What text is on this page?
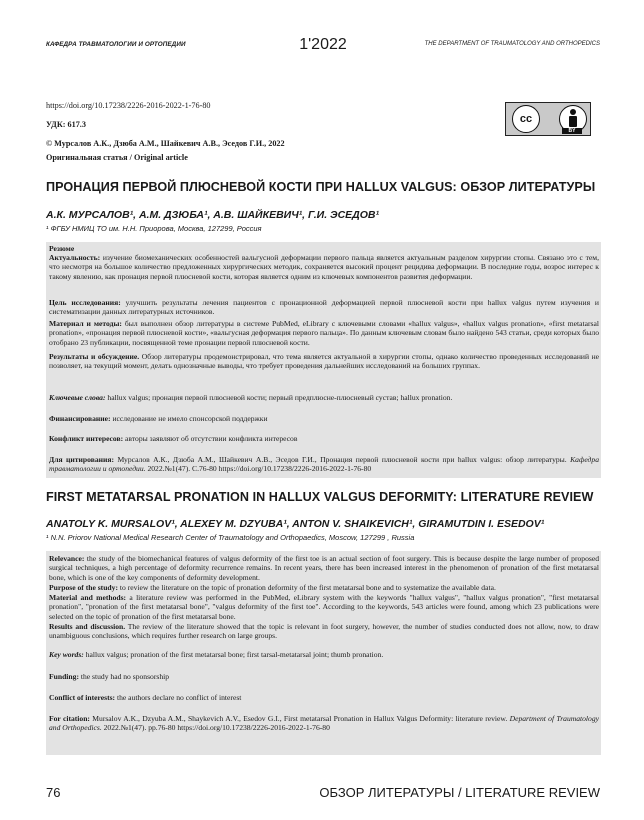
КАФЕДРА ТРАВМАТОЛОГИИ И ОРТОПЕДИИ	1'2022	THE DEPARTMENT OF TRAUMATOLOGY AND ORTHOPEDICS
https://doi.org/10.17238/2226-2016-2022-1-76-80
УДК: 617.3
© Мурсалов А.К., Дзюба А.М., Шайкевич А.В., Эседов Г.И., 2022
Оригинальная статья / Original article
cc
BY
ПРОНАЦИЯ ПЕРВОЙ ПЛЮСНЕВОЙ КОСТИ ПРИ HALLUX VALGUS: ОБЗОР ЛИТЕРАТУРЫ
А.К. МУРСАЛОВ¹, А.М. ДЗЮБА¹, А.В. ШАЙКЕВИЧ¹, Г.И. ЭСЕДОВ¹
¹ ФГБУ НМИЦ ТО им. Н.Н. Приорова, Москва, 127299, Россия
Резюме
Актуальность: изучение биомеханических особенностей вальгусной деформации первого пальца является актуальным разделом хирургии стопы. Связано это с тем, что несмотря на большое количество предложенных хирургических методик, сохраняется высокий процент рецидива деформации. В последние годы, возрос интерес к такому явлению, как пронация первой плюсневой кости, которая является одним из ключевых компонентов развития деформации.
Цель исследования: улучшить результаты лечения пациентов с пронационной деформацией первой плюсневой кости при hallux valgus путем изучения и систематизации данных литературных источников.
Материал и методы: был выполнен обзор литературы в системе PubMed, eLibrary с ключевыми словами «hallux valgus», «hallux valgus pronation», «first metatarsal pronation», «пронация первой плюсневой кости», «вальгусная деформация первого пальца». По данным ключевым словам было найдено 543 статьи, среди которых было отобрано 23 публикации, посвященной теме пронации первой плюсневой кости.
Результаты и обсуждение. Обзор литературы продемонстрировал, что тема является актуальной в хирургии стопы, однако количество проведенных исследований не позволяет, на текущий момент, делать однозначные выводы, что требует проведения дальнейших исследований на больших группах.
Ключевые слова: hallux valgus; пронация первой плюсневой кости; первый предплюсне-плюсневый сустав; hallux pronation.
Финансирование: исследование не имело спонсорской поддержки
Конфликт интересов: авторы заявляют об отсутствии конфликта интересов
Для цитирования: Мурсалов А.К., Дзюба А.М., Шайкевич А.В., Эседов Г.И., Пронация первой плюсневой кости при hallux valgus: обзор литературы. Кафедра травматологии и ортопедии. 2022.№1(47). С.76-80 https://doi.org/10.17238/2226-2016-2022-1-76-80
FIRST METATARSAL PRONATION IN HALLUX VALGUS DEFORMITY: LITERATURE REVIEW
ANATOLY K. MURSALOV¹, ALEXEY M. DZYUBA¹, ANTON V. SHAIKEVICH¹, GIRAMUTDIN I. ESEDOV¹
¹ N.N. Priorov National Medical Research Center of Traumatology and Orthopaedics, Moscow, 127299 , Russia
Relevance: the study of the biomechanical features of valgus deformity of the first toe is an actual section of foot surgery. This is because despite the large number of proposed surgical techniques, a high percentage of deformity recurrence remains. In recent years, there has been increased interest in the phenomenon of pronation of the first metatarsal bone, which is one of the key components of deformity development.
Purpose of the study: to review the literature on the topic of pronation deformity of the first metatarsal bone and to systematize the available data.
Material and methods: a literature review was performed in the PubMed, eLibrary system with the keywords "hallux valgus", "hallux valgus pronation", "first metatarsal pronation", "pronation of the first metatarsal bone", "valgus deformity of the first toe". According to the keywords, 543 articles were found, among which 23 publications were selected on the topic of pronation of the first metatarsal bone.
Results and discussion. The review of the literature showed that the topic is relevant in foot surgery, however, the number of studies conducted does not allow, now, to draw unambiguous conclusions, which requires further research on large groups.
Key words: hallux valgus; pronation of the first metatarsal bone; first tarsal-metatarsal joint; thumb pronation.
Funding: the study had no sponsorship
Conflict of interests: the authors declare no conflict of interest
For citation: Mursalov A.K., Dzyuba A.M., Shaykevich A.V., Esedov G.I., First metatarsal Pronation in Hallux Valgus Deformity: literature review. Department of Traumatology and Orthopedics. 2022.№1(47). pp.76-80 https://doi.org/10.17238/2226-2016-2022-1-76-80
76	ОБЗОР ЛИТЕРАТУРЫ / LITERATURE REVIEW
